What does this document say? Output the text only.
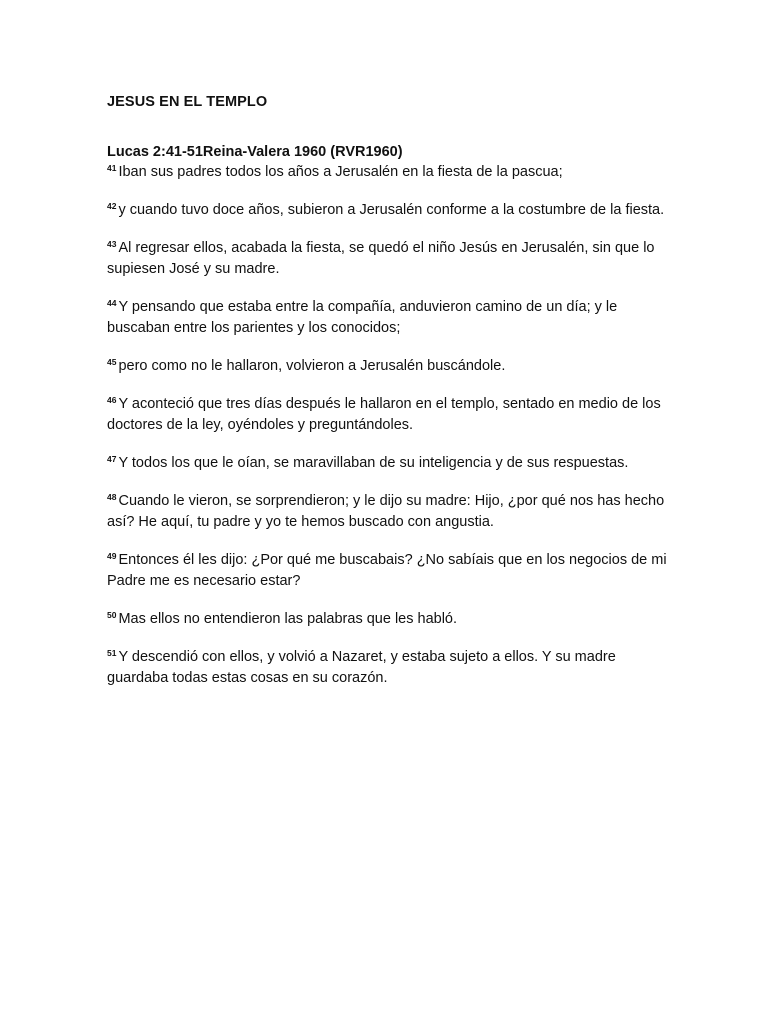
JESUS EN EL TEMPLO

Lucas 2:41-51Reina-Valera 1960 (RVR1960)

$^{41}$ Iban sus padres todos los años a Jerusalén en la fiesta de la pascua;

$^{42}$ y cuando tuvo doce años, subieron a Jerusalén conforme a la costumbre de la fiesta.

$^{43}$ Al regresar ellos, acabada la fiesta, se quedó el niño Jesús en Jerusalén, sin que lo supiesen José y su madre.

$^{44}$ Y pensando que estaba entre la compañía, anduvieron camino de un día; y le buscaban entre los parientes y los conocidos;

$^{45}$ pero como no le hallaron, volvieron a Jerusalén buscándole.

$^{46}$ Y aconteció que tres días después le hallaron en el templo, sentado en medio de los doctores de la ley, oyéndoles y preguntándoles.

$^{47}$ Y todos los que le oían, se maravillaban de su inteligencia y de sus respuestas.

$^{48}$ Cuando le vieron, se sorprendieron; y le dijo su madre: Hijo, ¿por qué nos has hecho así? He aquí, tu padre y yo te hemos buscado con angustia.

$^{49}$ Entonces él les dijo: ¿Por qué me buscabais? ¿No sabíais que en los negocios de mi Padre me es necesario estar?

$^{50}$ Mas ellos no entendieron las palabras que les habló.

$^{51}$ Y descendió con ellos, y volvió a Nazaret, y estaba sujeto a ellos. Y su madre guardaba todas estas cosas en su corazón.
